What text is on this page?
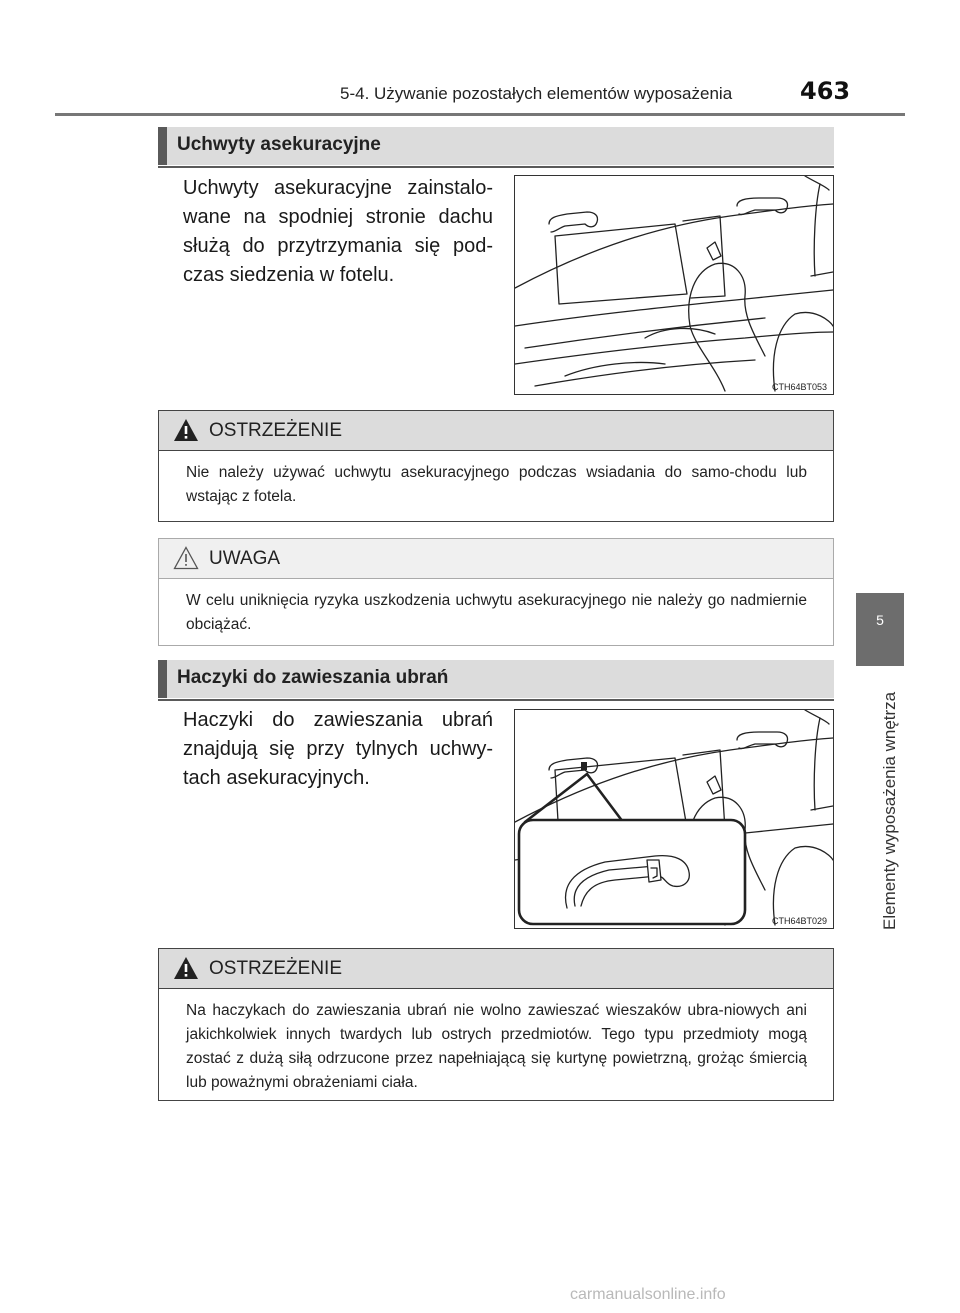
5-4. Używanie pozostałych elementów wyposażenia	463
5
Elementy wyposażenia wnętrza
Uchwyty asekuracyjne
Uchwyty asekuracyjne zainstalo-wane na spodniej stronie dachu służą do przytrzymania się pod-czas siedzenia w fotelu.
CTH64BT053
OSTRZEŻENIE
Nie należy używać uchwytu asekuracyjnego podczas wsiadania do samo-chodu lub wstając z fotela.
UWAGA
W celu uniknięcia ryzyka uszkodzenia uchwytu asekuracyjnego nie należy go nadmiernie obciążać.
Haczyki do zawieszania ubrań
Haczyki do zawieszania ubrań znajdują się przy tylnych uchwy-tach asekuracyjnych.
CTH64BT029
OSTRZEŻENIE
Na haczykach do zawieszania ubrań nie wolno zawieszać wieszaków ubra-niowych ani jakichkolwiek innych twardych lub ostrych przedmiotów. Tego typu przedmioty mogą zostać z dużą siłą odrzucone przez napełniającą się kurtynę powietrzną, grożąc śmiercią lub poważnymi obrażeniami ciała.
carmanualsonline.info
